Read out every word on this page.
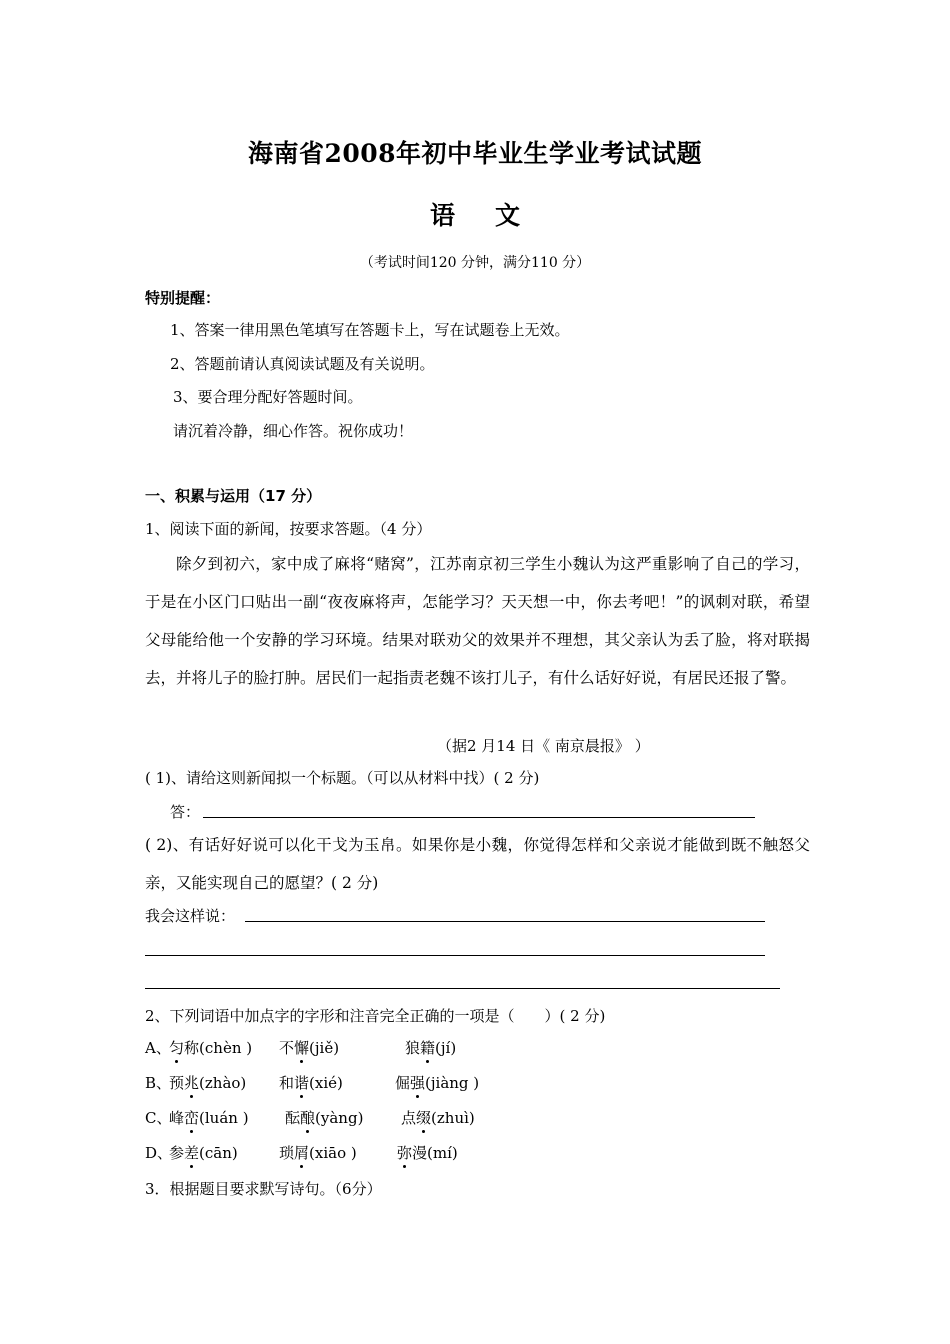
海南省2008年初中毕业生学业考试试题
语 文
（考试时间120 分钟，满分110 分）
特别提醒：
1、答案一律用黑色笔填写在答题卡上，写在试题卷上无效。
2、答题前请认真阅读试题及有关说明。
3、要合理分配好答题时间。
请沉着冷静，细心作答。祝你成功！
一、积累与运用（17 分）
1、阅读下面的新闻，按要求答题。（4 分）
除夕到初六，家中成了麻将“赌窝”，江苏南京初三学生小魏认为这严重影响了自己的学习，于是在小区门口贴出一副“夜夜麻将声，怎能学习？天天想一中，你去考吧！”的讽刺对联，希望父母能给他一个安静的学习环境。结果对联劝父的效果并不理想，其父亲认为丢了脸，将对联揭去，并将儿子的脸打肿。居民们一起指责老魏不该打儿子，有什么话好好说，有居民还报了警。
（据2 月14 日《 南京晨报》 ）
( 1)、请给这则新闻拟一个标题。（可以从材料中找）( 2 分)
答：
( 2)、有话好好说可以化干戈为玉帛。如果你是小魏，你觉得怎样和父亲说才能做到既不触怒父亲，又能实现自己的愿望？( 2 分)
我会这样说：
2、下列词语中加点字的字形和注音完全正确的一项是（　　）( 2 分)
A、匀称(chèn ) 不懈(jiě)	狼籍(jí)
B、预兆(zhào) 和谐(xié)	倔强(jiàng )
C、峰峦(luán ) 酝酿(yàng)	点缀(zhuì)
D、参差(cān)	琐屑(xiāo )	弥漫(mí)
3．根据题目要求默写诗句。（6分）
